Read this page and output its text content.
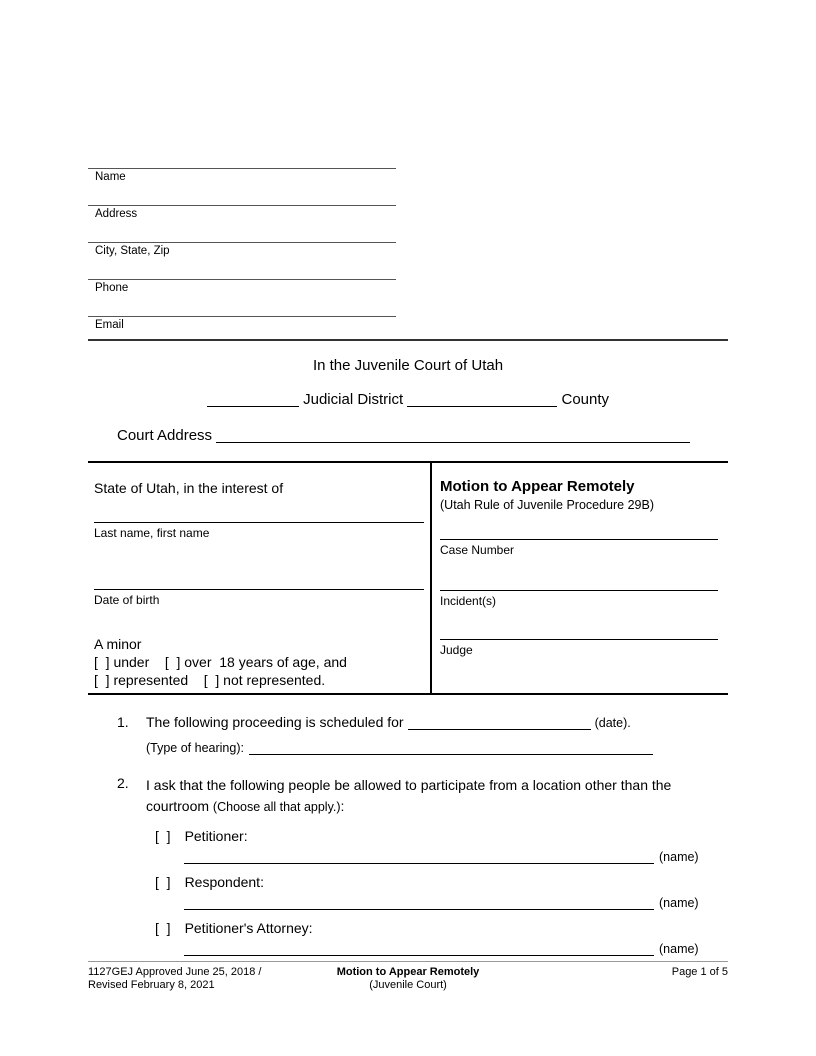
Name
Address
City, State, Zip
Phone
Email
In the Juvenile Court of Utah
Judicial District	County
Court Address
State of Utah, in the interest of
Last name, first name
Date of birth
A minor
[  ] under    [  ] over  18 years of age, and
[  ] represented    [  ] not represented.
Motion to Appear Remotely
(Utah Rule of Juvenile Procedure 29B)
Case Number
Incident(s)
Judge
1.	The following proceeding is scheduled for	(date).
(Type of hearing):
2.	I ask that the following people be allowed to participate from a location other than the courtroom (Choose all that apply.):
[  ] Petitioner:
(name)
[  ] Respondent:
(name)
[  ] Petitioner's Attorney:
(name)
1127GEJ Approved June 25, 2018 /
Revised February 8, 2021
Motion to Appear Remotely
(Juvenile Court)
Page 1 of 5
